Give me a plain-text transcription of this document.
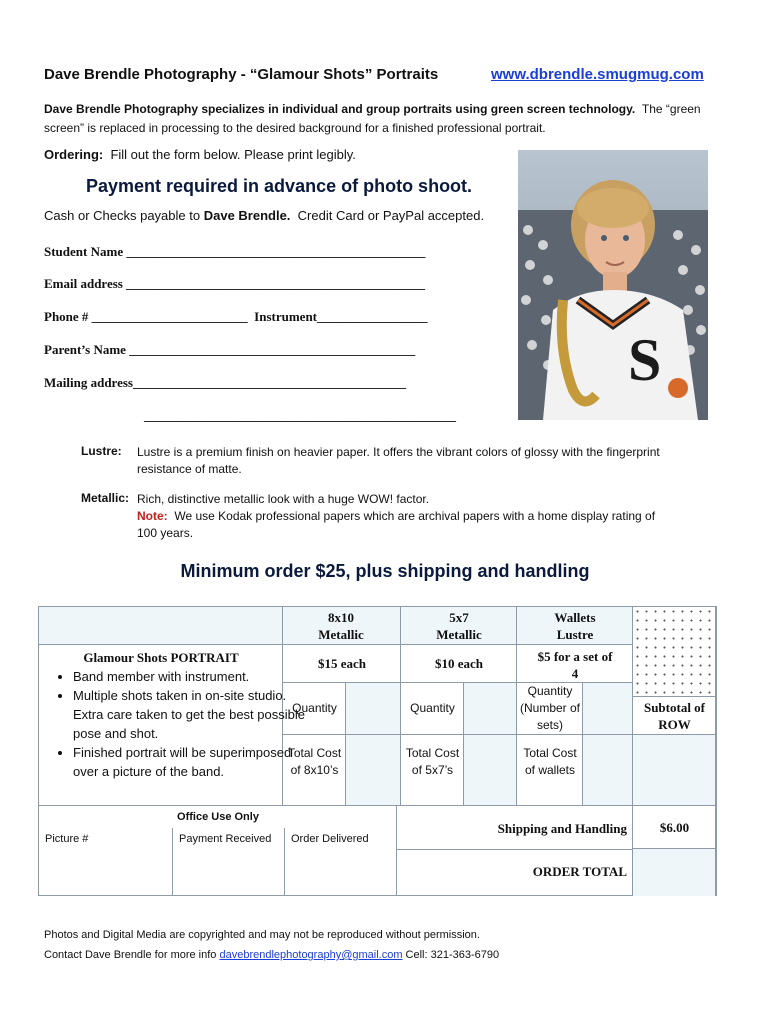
Dave Brendle Photography - “Glamour Shots” Portraits	www.dbrendle.smugmug.com
Dave Brendle Photography specializes in individual and group portraits using green screen technology. The “green screen” is replaced in processing to the desired background for a finished professional portrait.
Ordering: Fill out the form below. Please print legibly.
Payment required in advance of photo shoot.
Cash or Checks payable to Dave Brendle. Credit Card or PayPal accepted.
Student Name ______________________________________________
Email address ______________________________________________
Phone # ________________________ Instrument_________________
Parent’s Name ____________________________________________
Mailing address__________________________________________
________________________________________________
S
Lustre: Lustre is a premium finish on heavier paper. It offers the vibrant colors of glossy with the fingerprint resistance of matte.
Metallic: Rich, distinctive metallic look with a huge WOW! factor.
Note: We use Kodak professional papers which are archival papers with a home display rating of 100 years.
Minimum order $25, plus shipping and handling
Glamour Shots PORTRAIT
• Band member with instrument.
• Multiple shots taken in on-site studio. Extra care taken to get the best possible pose and shot.
• Finished portrait will be superimposed over a picture of the band.
8x10 Metallic
$15 each
Quantity
Total Cost of 8x10’s
5x7 Metallic
$10 each
Quantity
Total Cost of 5x7’s
Wallets Lustre
$5 for a set of 4
Quantity (Number of sets)
Total Cost of wallets
Subtotal of ROW
Office Use Only
Picture #	Payment Received Order Delivered
Shipping and Handling
ORDER TOTAL
$6.00
Photos and Digital Media are copyrighted and may not be reproduced without permission.
Contact Dave Brendle for more info davebrendlephotography@gmail.com Cell: 321-363-6790
